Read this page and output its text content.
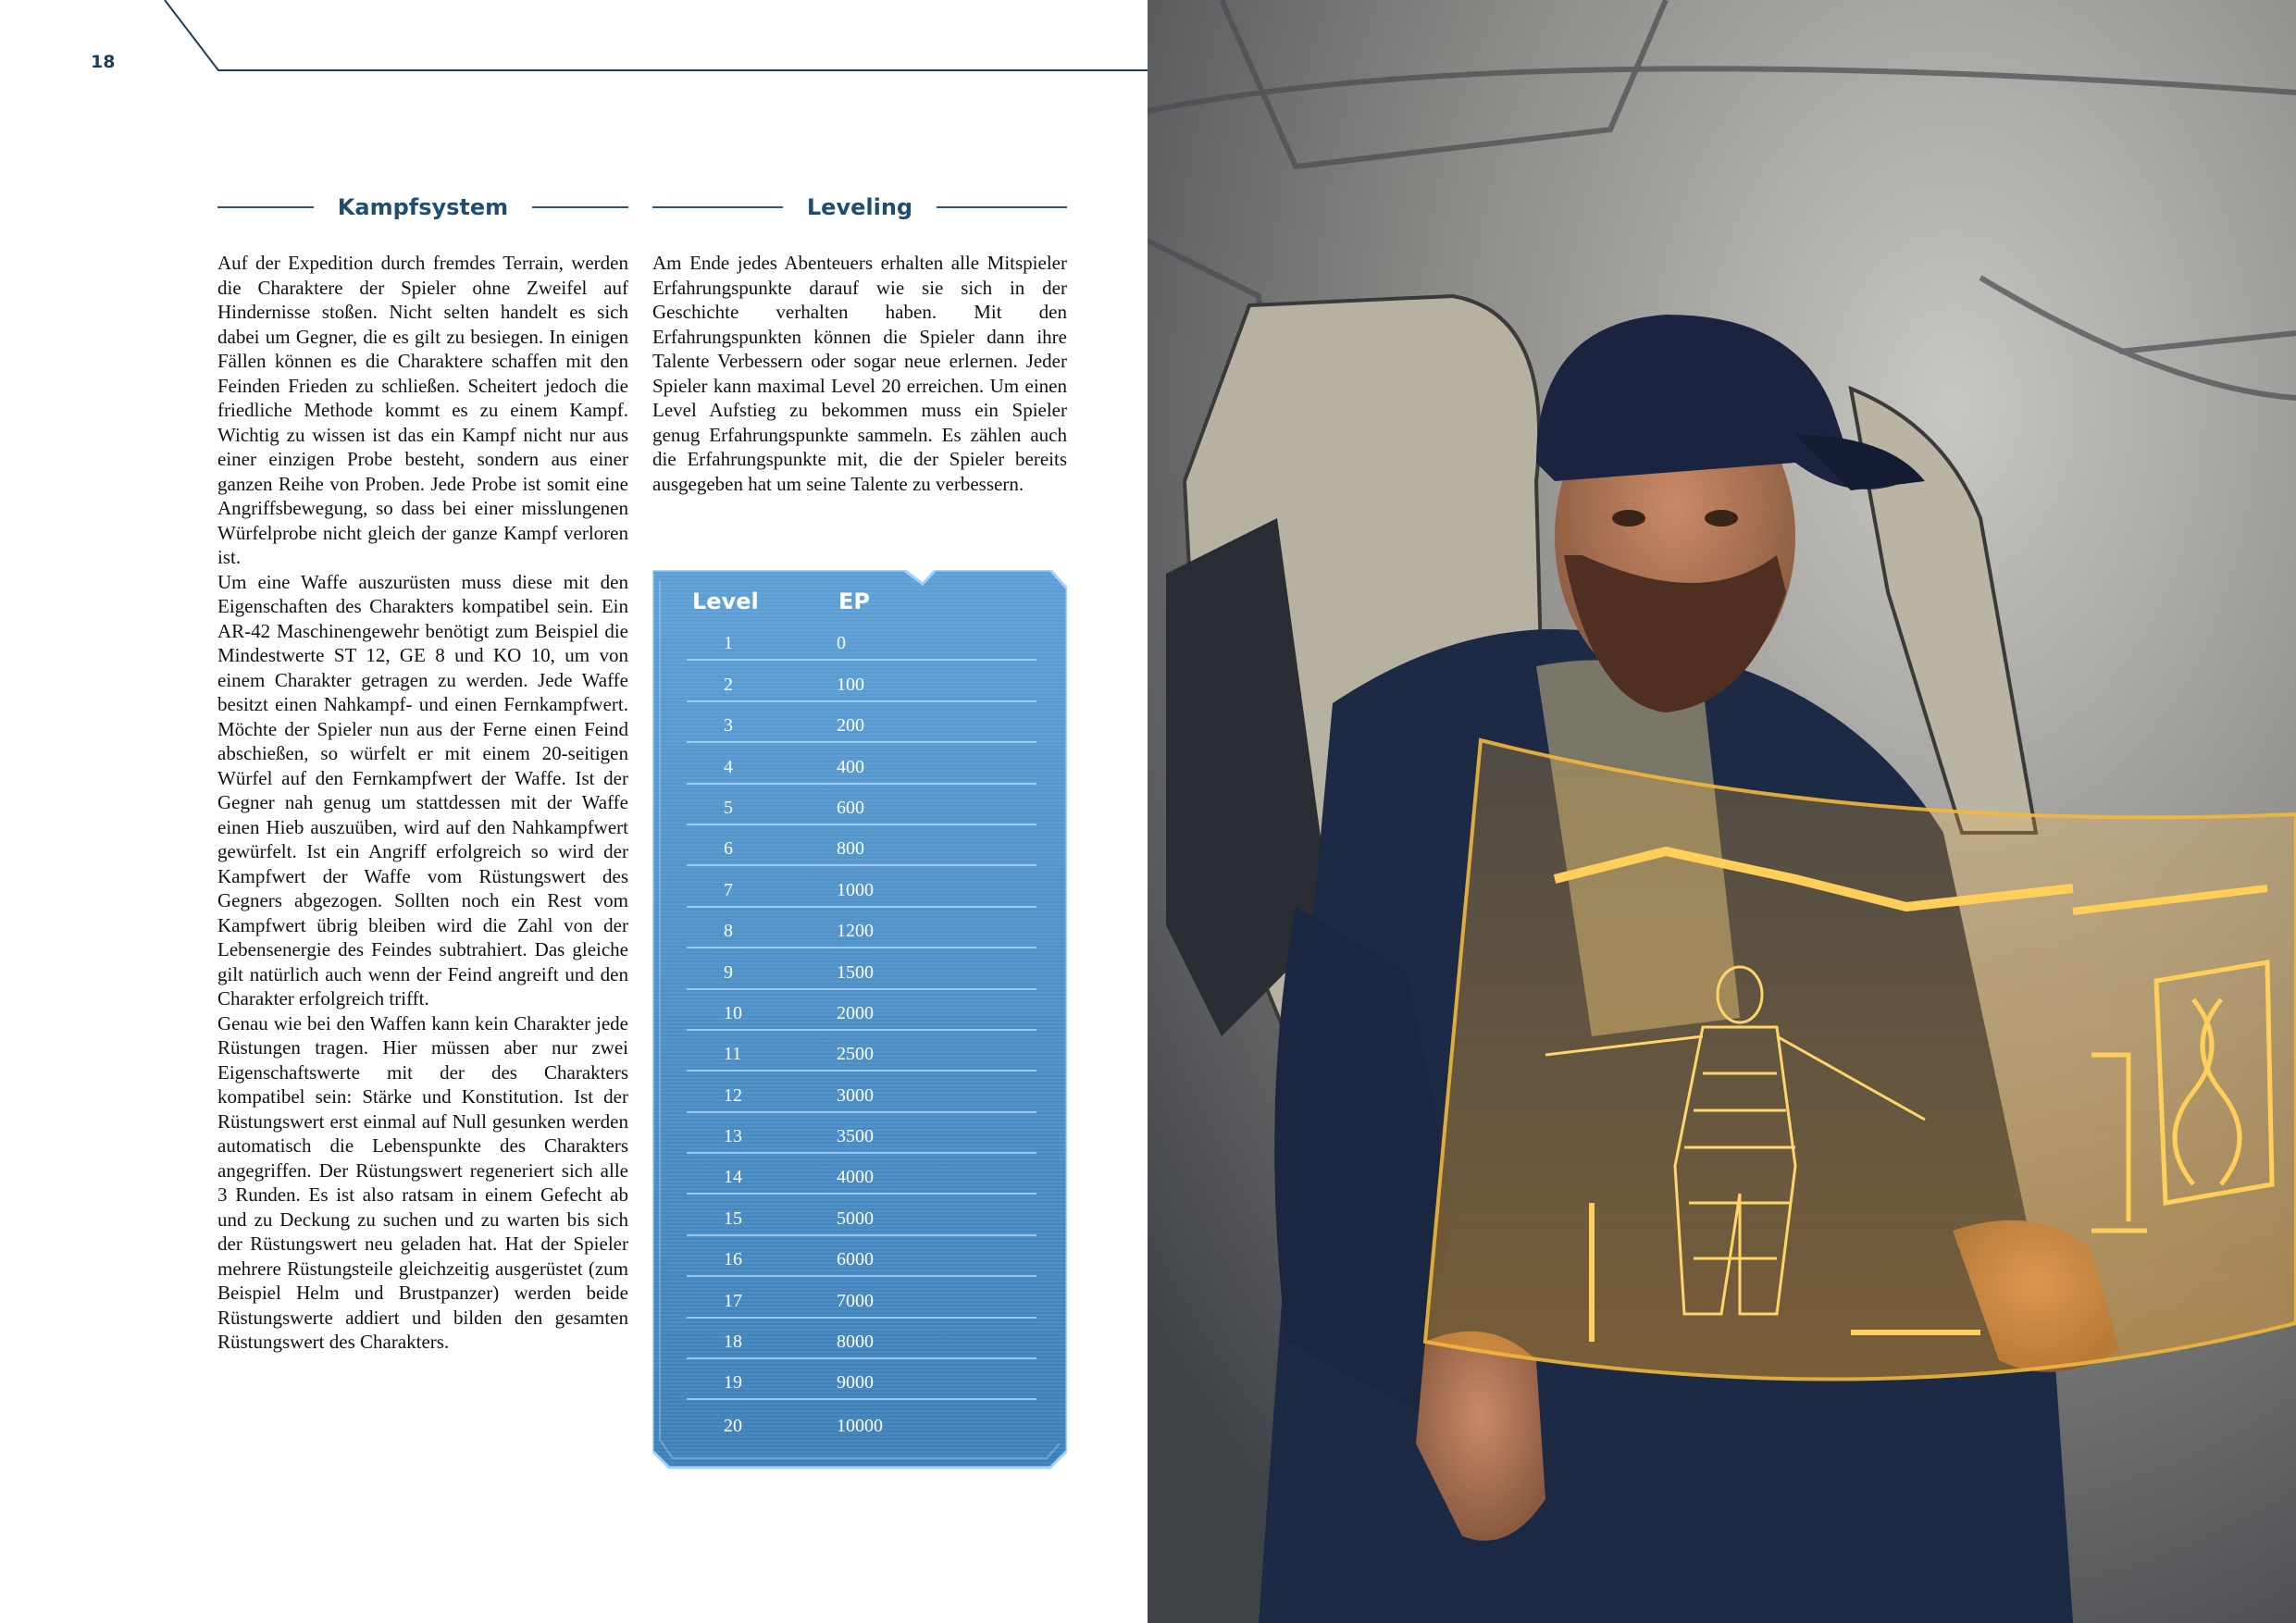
18
Kampfsystem	Leveling

Auf der Expedition durch fremdes Terrain, werden die Charaktere der Spieler ohne Zweifel auf Hindernisse stoßen. Nicht selten handelt es sich dabei um Gegner, die es gilt zu besiegen. In einigen Fällen können es die Charaktere schaffen mit den Feinden Frieden zu schließen. Scheitert jedoch die friedliche Methode kommt es zu einem Kampf. Wichtig zu wissen ist das ein Kampf nicht nur aus einer einzigen Probe besteht, sondern aus einer ganzen Reihe von Proben. Jede Probe ist somit eine Angriffsbewegung, so dass bei einer misslungenen Würfelprobe nicht gleich der ganze Kampf verloren ist.

Um eine Waffe auszurüsten muss diese mit den Eigenschaften des Charakters kompatibel sein. Ein AR-42 Maschinengewehr benötigt zum Beispiel die Mindestwerte ST 12, GE 8 und KO 10, um von einem Charakter getragen zu werden. Jede Waffe besitzt einen Nahkampf- und einen Fernkampfwert. Möchte der Spieler nun aus der Ferne einen Feind abschießen, so würfelt er mit einem 20-seitigen Würfel auf den Fernkampfwert der Waffe. Ist der Gegner nah genug um stattdessen mit der Waffe einen Hieb auszuüben, wird auf den Nahkampfwert gewürfelt. Ist ein Angriff erfolgreich so wird der Kampfwert der Waffe vom Rüstungswert des Gegners abgezogen. Sollten noch ein Rest vom Kampfwert übrig bleiben wird die Zahl von der Lebensenergie des Feindes subtrahiert. Das gleiche gilt natürlich auch wenn der Feind angreift und den Charakter erfolgreich trifft.

Genau wie bei den Waffen kann kein Charakter jede Rüstungen tragen. Hier müssen aber nur zwei Eigenschaftswerte mit der des Charakters kompatibel sein: Stärke und Konstitution. Ist der Rüstungswert erst einmal auf Null gesunken werden automatisch die Lebenspunkte des Charakters angegriffen. Der Rüstungswert regeneriert sich alle 3 Runden. Es ist also ratsam in einem Gefecht ab und zu Deckung zu suchen und zu warten bis sich der Rüstungswert neu geladen hat. Hat der Spieler mehrere Rüstungsteile gleichzeitig ausgerüstet (zum Beispiel Helm und Brustpanzer) werden beide Rüstungswerte addiert und bilden den gesamten Rüstungswert des Charakters.

Am Ende jedes Abenteuers erhalten alle Mitspieler Erfahrungspunkte darauf wie sie sich in der Geschichte verhalten haben. Mit den Erfahrungspunkten können die Spieler dann ihre Talente Verbessern oder sogar neue erlernen. Jeder Spieler kann maximal Level 20 erreichen. Um einen Level Aufstieg zu bekommen muss ein Spieler genug Erfahrungspunkte sammeln. Es zählen auch die Erfahrungspunkte mit, die der Spieler bereits ausgegeben hat um seine Talente zu verbessern.

Level	EP
1	0
2	100
3	200
4	400
5	600
6	800
7	1000
8	1200
9	1500
10	2000
11	2500
12	3000
13	3500
14	4000
15	5000
16	6000
17	7000
18	8000
19	9000
20	10000
